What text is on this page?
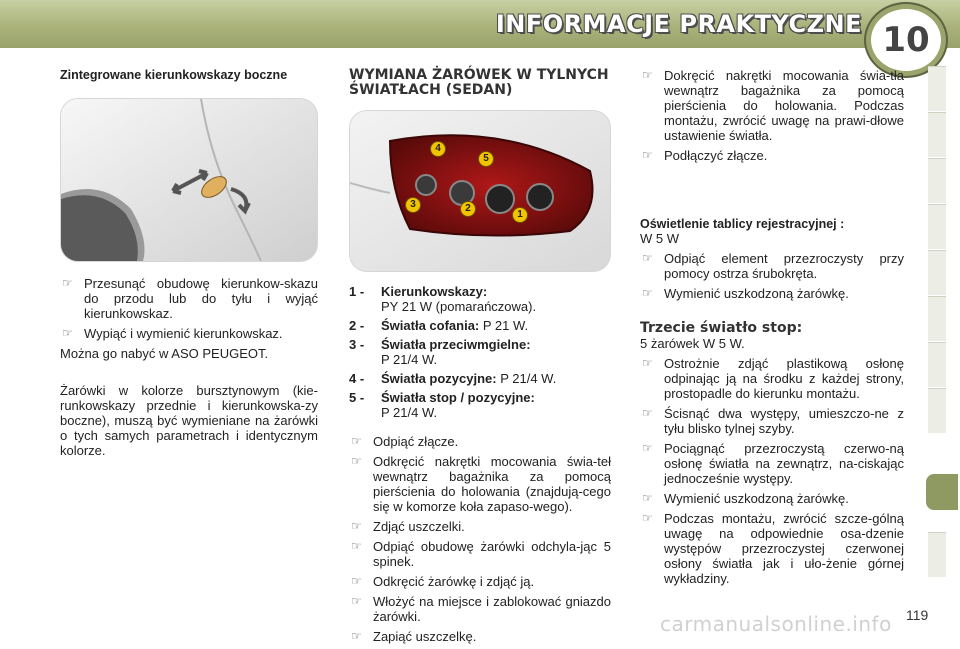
INFORMACJE PRAKTYCZNE 10
Zintegrowane kierunkowskazy boczne
☞ Przesunąć obudowę kierunkow-skazu do przodu lub do tyłu i wyjąć kierunkowskaz.
☞ Wypiąć i wymienić kierunkowskaz.

Można go nabyć w ASO PEUGEOT.

Żarówki w kolorze bursztynowym (kie-runkowskazy przednie i kierunkowska-zy boczne), muszą być wymieniane na żarówki o tych samych parametrach i identycznym kolorze.

WYMIANA ŻARÓWEK W TYLNYCH ŚWIATŁACH (SEDAN)
1
2
3
4
5
1 -	Kierunkowskazy:
PY 21 W (pomarańczowa).
2 -	Światła cofania: P 21 W.
3 -	Światła przeciwmgielne:
P 21/4 W.
4 -	Światła pozycyjne: P 21/4 W.
5 -	Światła stop / pozycyjne:
P 21/4 W.
☞ Odpiąć złącze.
☞ Odkręcić nakrętki mocowania świa-teł wewnątrz bagażnika za pomocą pierścienia do holowania (znajdują-cego się w komorze koła zapaso-wego).
☞ Zdjąć uszczelki.
☞ Odpiąć obudowę żarówki odchyla-jąc 5 spinek.
☞ Odkręcić żarówkę i zdjąć ją.
☞ Włożyć na miejsce i zablokować gniazdo żarówki.
☞ Zapiąć uszczelkę.
☞ Dokręcić nakrętki mocowania świa-tła wewnątrz bagażnika za pomocą pierścienia do holowania. Podczas montażu, zwrócić uwagę na prawi-dłowe ustawienie światła.
☞ Podłączyć złącze.
Oświetlenie tablicy rejestracyjnej :
W 5 W
☞ Odpiąć element przezroczysty przy pomocy ostrza śrubokręta.
☞ Wymienić uszkodzoną żarówkę.
Trzecie światło stop:
5 żarówek W 5 W.
☞ Ostrożnie zdjąć plastikową osłonę odpinając ją na środku z każdej strony, prostopadle do kierunku montażu.
☞ Ścisnąć dwa występy, umieszczo-ne z tyłu blisko tylnej szyby.
☞ Pociągnąć przezroczystą czerwo-ną osłonę światła na zewnątrz, na-ciskając jednocześnie występy.
☞ Wymienić uszkodzoną żarówkę.
☞ Podczas montażu, zwrócić szcze-gólną uwagę na odpowiednie osa-dzenie występów przezroczystej czerwonej osłony światła jak i uło-żenie górnej wykładziny.
carmanualsonline.info 119
